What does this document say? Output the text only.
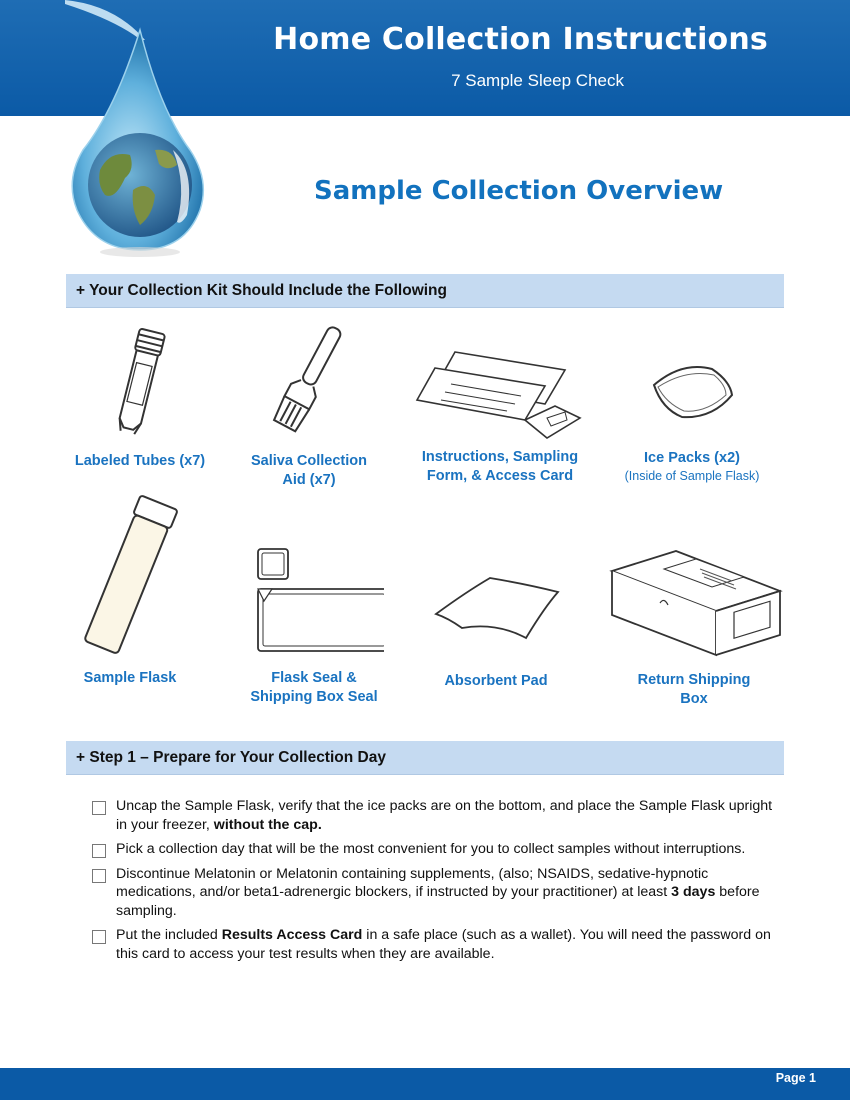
Home Collection Instructions
7 Sample Sleep Check
Sample Collection Overview
+ Your Collection Kit Should Include the Following
Labeled Tubes (x7)	Saliva Collection
Aid (x7)
Instructions, Sampling
Form, & Access Card
Ice Packs (x2)
(Inside of Sample Flask)
Sample Flask	Flask Seal &
Shipping Box Seal
Absorbent Pad	Return Shipping
Box
+ Step 1 – Prepare for Your Collection Day
Uncap the Sample Flask, verify that the ice packs are on the bottom, and place the Sample Flask upright in your freezer, without the cap.
Pick a collection day that will be the most convenient for you to collect samples without interruptions.
Discontinue Melatonin or Melatonin containing supplements, (also; NSAIDS, sedative-hypnotic medications, and/or beta1-adrenergic blockers, if instructed by your practitioner) at least 3 days before sampling.
Put the included Results Access Card in a safe place (such as a wallet). You will need the password on this card to access your test results when they are available.
Page 1
